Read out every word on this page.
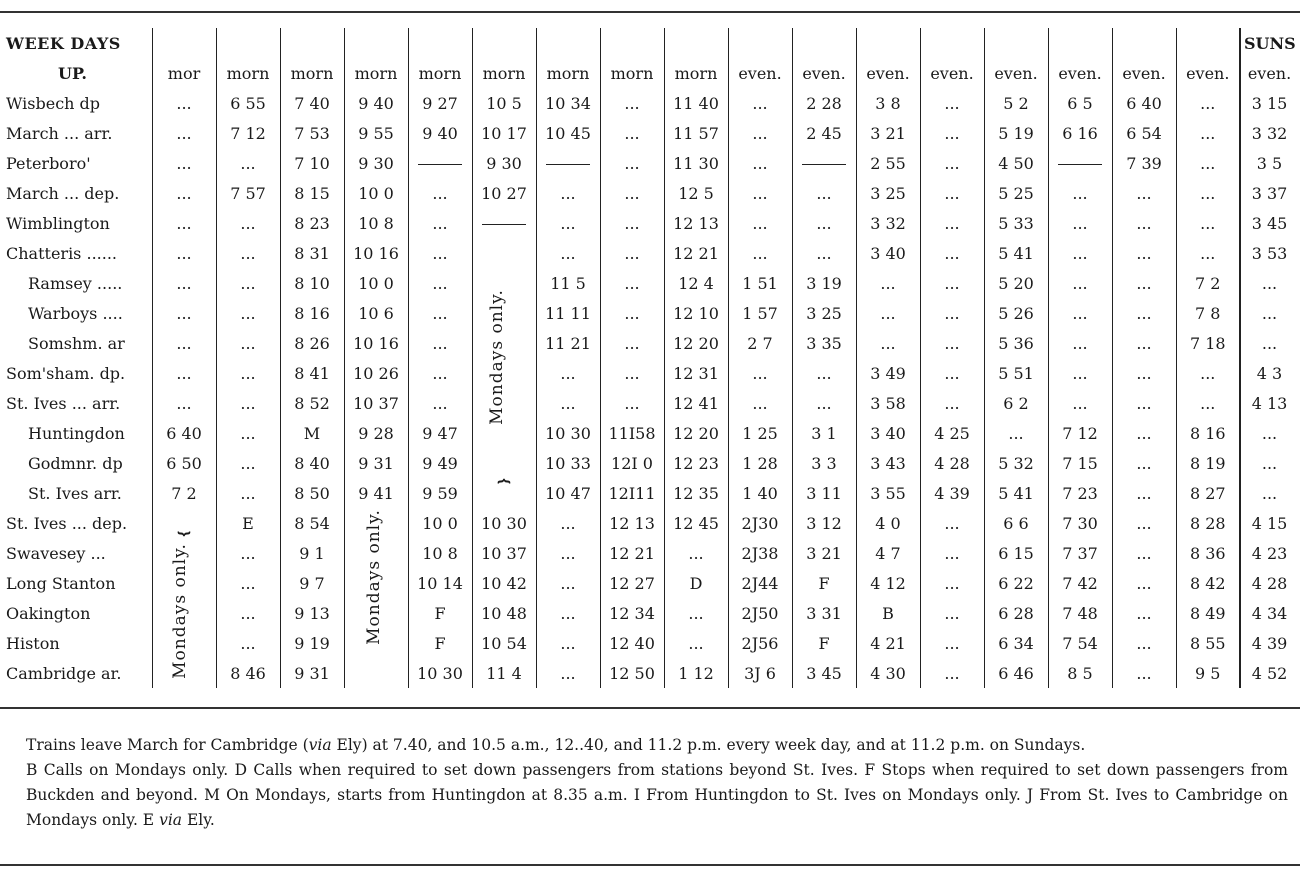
WEEK DAYS																		SUNS
UP.	mor	morn	morn	morn	morn	morn	morn	morn	morn	even.	even.	even.	even.	even.	even.	even.	even.	even.
Wisbech dp	...	6 55	7 40	9 40	9 27	10 5	10 34	...	11 40	...	2 28	3 8	...	5 2	6 5	6 40	...	3 15
March ... arr.	...	7 12	7 53	9 55	9 40	10 17	10 45	...	11 57	...	2 45	3 21	...	5 19	6 16	6 54	...	3 32
Peterboro'	...	...	7 10	9 30		9 30		...	11 30	...		2 55	...	4 50		7 39	...	3 5
March ... dep.	...	7 57	8 15	10 0	...	10 27	...	...	12 5	...	...	3 25	...	5 25	...	...	...	3 37
Wimblington	...	...	8 23	10 8	...		...	...	12 13	...	...	3 32	...	5 33	...	...	...	3 45
Chatteris ......	...	...	8 31	10 16	...		...	...	12 21	...	...	3 40	...	5 41	...	...	...	3 53
Ramsey .....	...	...	8 10	10 0	...		11 5	...	12 4	1 51	3 19	...	...	5 20	...	...	7 2	...
Warboys ....	...	...	8 16	10 6	...		11 11	...	12 10	1 57	3 25	...	...	5 26	...	...	7 8	...
Somshm. ar	...	...	8 26	10 16	...		11 21	...	12 20	2 7	3 35	...	...	5 36	...	...	7 18	...
Som'sham. dp.	...	...	8 41	10 26	...		...	...	12 31	...	...	3 49	...	5 51	...	...	...	4 3
St. Ives ... arr.	...	...	8 52	10 37	...		...	...	12 41	...	...	3 58	...	6 2	...	...	...	4 13
Huntingdon	6 40	...	M	9 28	9 47		10 30	11I58	12 20	1 25	3 1	3 40	4 25	...	7 12	...	8 16	...
Godmnr. dp	6 50	...	8 40	9 31	9 49		10 33	12I 0	12 23	1 28	3 3	3 43	4 28	5 32	7 15	...	8 19	...
St. Ives arr.	7 2	...	8 50	9 41	9 59	⏞	10 47	12I11	12 35	1 40	3 11	3 55	4 39	5 41	7 23	...	8 27	...
St. Ives ... dep.	⏟	E	8 54		10 0	10 30	...	12 13	12 45	2J30	3 12	4 0	...	6 6	7 30	...	8 28	4 15
Swavesey ...		...	9 1		10 8	10 37	...	12 21	...	2J38	3 21	4 7	...	6 15	7 37	...	8 36	4 23
Long Stanton		...	9 7		10 14	10 42	...	12 27	D	2J44	F	4 12	...	6 22	7 42	...	8 42	4 28
Oakington		...	9 13		F	10 48	...	12 34	...	2J50	3 31	B	...	6 28	7 48	...	8 49	4 34
Histon		...	9 19		F	10 54	...	12 40	...	2J56	F	4 21	...	6 34	7 54	...	8 55	4 39
Cambridge ar.		8 46	9 31		10 30	11 4	...	12 50	1 12	3J 6	3 45	4 30	...	6 46	8 5	...	9 5	4 52
Mondays only.
Mondays only.	Mondays only.

Trains leave March for Cambridge (via Ely) at 7.40, and 10.5 a.m., 12..40, and 11.2 p.m. every week day, and at 11.2 p.m. on Sundays.

B Calls on Mondays only. D Calls when required to set down passengers from stations beyond St. Ives. F Stops when required to set down passengers from Buckden and beyond. M On Mondays, starts from Huntingdon at 8.35 a.m. I From Huntingdon to St. Ives on Mondays only. J From St. Ives to Cambridge on Mondays only. E via Ely.
